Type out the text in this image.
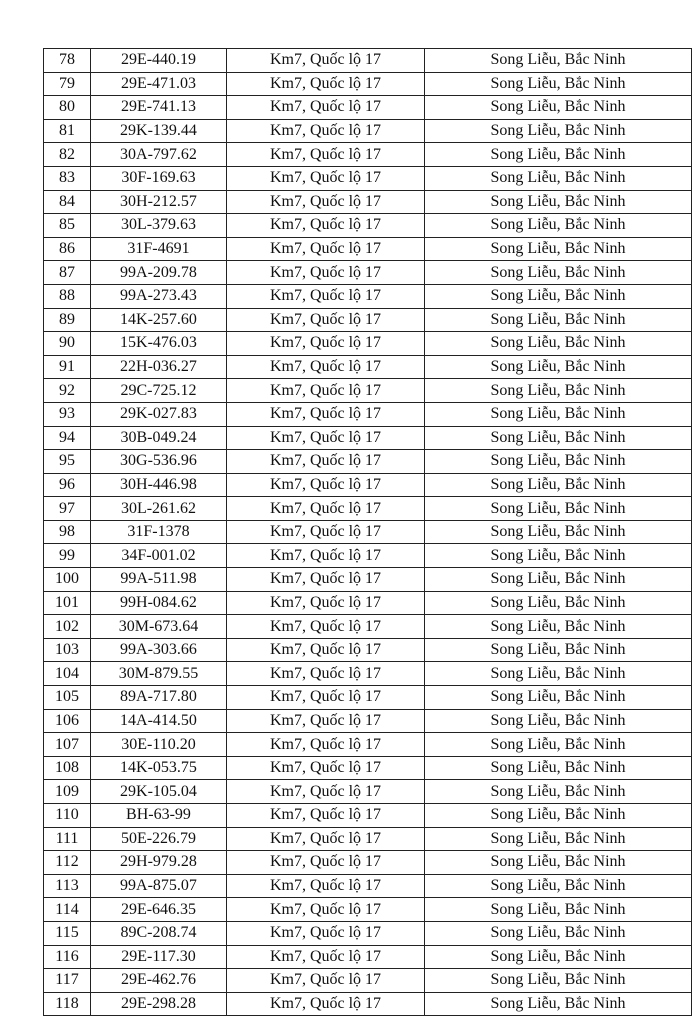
78	29E-440.19	Km7, Quốc lộ 17	Song Liễu, Bắc Ninh
79	29E-471.03	Km7, Quốc lộ 17	Song Liễu, Bắc Ninh
80	29E-741.13	Km7, Quốc lộ 17	Song Liễu, Bắc Ninh
81	29K-139.44	Km7, Quốc lộ 17	Song Liễu, Bắc Ninh
82	30A-797.62	Km7, Quốc lộ 17	Song Liễu, Bắc Ninh
83	30F-169.63	Km7, Quốc lộ 17	Song Liễu, Bắc Ninh
84	30H-212.57	Km7, Quốc lộ 17	Song Liễu, Bắc Ninh
85	30L-379.63	Km7, Quốc lộ 17	Song Liễu, Bắc Ninh
86	31F-4691	Km7, Quốc lộ 17	Song Liễu, Bắc Ninh
87	99A-209.78	Km7, Quốc lộ 17	Song Liễu, Bắc Ninh
88	99A-273.43	Km7, Quốc lộ 17	Song Liễu, Bắc Ninh
89	14K-257.60	Km7, Quốc lộ 17	Song Liễu, Bắc Ninh
90	15K-476.03	Km7, Quốc lộ 17	Song Liễu, Bắc Ninh
91	22H-036.27	Km7, Quốc lộ 17	Song Liễu, Bắc Ninh
92	29C-725.12	Km7, Quốc lộ 17	Song Liễu, Bắc Ninh
93	29K-027.83	Km7, Quốc lộ 17	Song Liễu, Bắc Ninh
94	30B-049.24	Km7, Quốc lộ 17	Song Liễu, Bắc Ninh
95	30G-536.96	Km7, Quốc lộ 17	Song Liễu, Bắc Ninh
96	30H-446.98	Km7, Quốc lộ 17	Song Liễu, Bắc Ninh
97	30L-261.62	Km7, Quốc lộ 17	Song Liễu, Bắc Ninh
98	31F-1378	Km7, Quốc lộ 17	Song Liễu, Bắc Ninh
99	34F-001.02	Km7, Quốc lộ 17	Song Liễu, Bắc Ninh
100	99A-511.98	Km7, Quốc lộ 17	Song Liễu, Bắc Ninh
101	99H-084.62	Km7, Quốc lộ 17	Song Liễu, Bắc Ninh
102	30M-673.64	Km7, Quốc lộ 17	Song Liễu, Bắc Ninh
103	99A-303.66	Km7, Quốc lộ 17	Song Liễu, Bắc Ninh
104	30M-879.55	Km7, Quốc lộ 17	Song Liễu, Bắc Ninh
105	89A-717.80	Km7, Quốc lộ 17	Song Liễu, Bắc Ninh
106	14A-414.50	Km7, Quốc lộ 17	Song Liễu, Bắc Ninh
107	30E-110.20	Km7, Quốc lộ 17	Song Liễu, Bắc Ninh
108	14K-053.75	Km7, Quốc lộ 17	Song Liễu, Bắc Ninh
109	29K-105.04	Km7, Quốc lộ 17	Song Liễu, Bắc Ninh
110	BH-63-99	Km7, Quốc lộ 17	Song Liễu, Bắc Ninh
111	50E-226.79	Km7, Quốc lộ 17	Song Liễu, Bắc Ninh
112	29H-979.28	Km7, Quốc lộ 17	Song Liễu, Bắc Ninh
113	99A-875.07	Km7, Quốc lộ 17	Song Liễu, Bắc Ninh
114	29E-646.35	Km7, Quốc lộ 17	Song Liễu, Bắc Ninh
115	89C-208.74	Km7, Quốc lộ 17	Song Liễu, Bắc Ninh
116	29E-117.30	Km7, Quốc lộ 17	Song Liễu, Bắc Ninh
117	29E-462.76	Km7, Quốc lộ 17	Song Liễu, Bắc Ninh
118	29E-298.28	Km7, Quốc lộ 17	Song Liễu, Bắc Ninh
